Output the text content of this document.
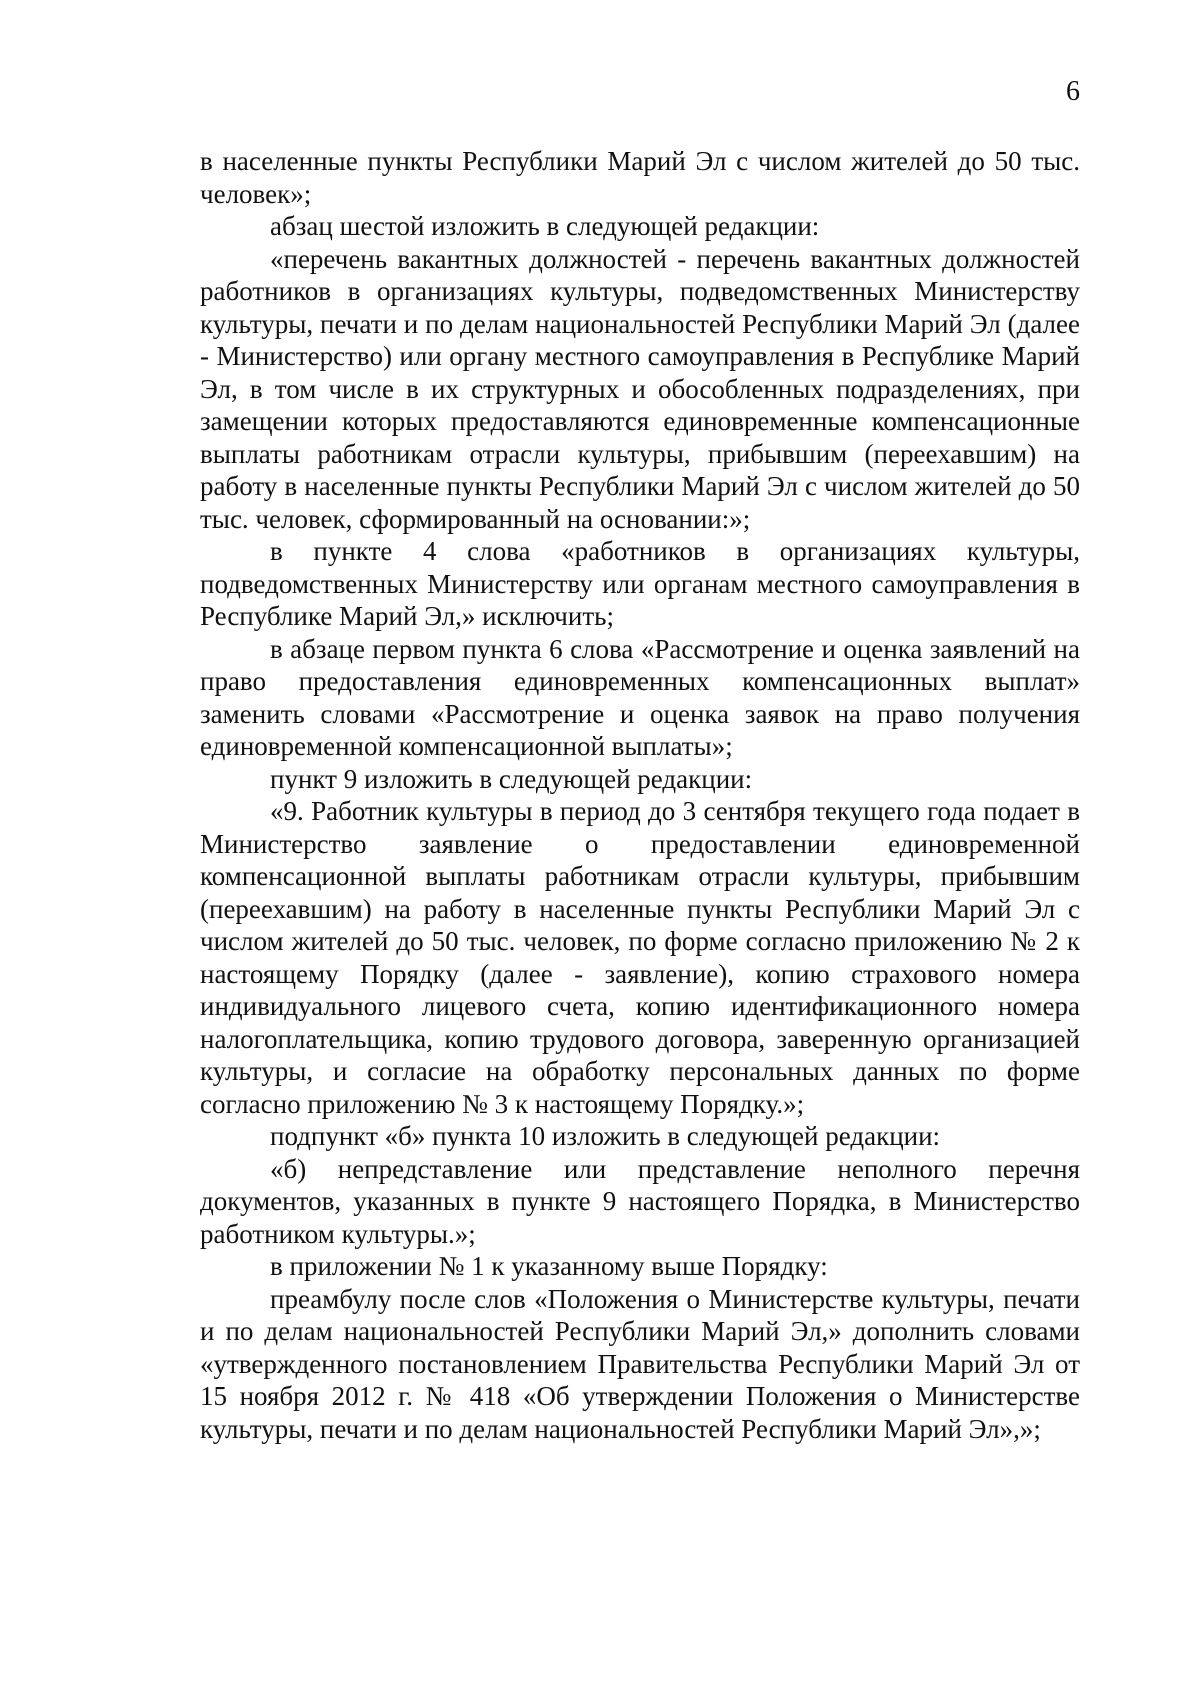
6

в населенные пункты Республики Марий Эл с числом жителей до 50 тыс. человек»;

абзац шестой изложить в следующей редакции:

«перечень вакантных должностей - перечень вакантных должностей работников в организациях культуры, подведомственных Министерству культуры, печати и по делам национальностей Республики Марий Эл (далее - Министерство) или органу местного самоуправления в Республике Марий Эл, в том числе в их структурных и обособленных подразделениях, при замещении которых предоставляются единовременные компенсационные выплаты работникам отрасли культуры, прибывшим (переехавшим) на работу в населенные пункты Республики Марий Эл с числом жителей до 50 тыс. человек, сформированный на основании:»;

в пункте 4 слова «работников в организациях культуры, подведомственных Министерству или органам местного самоуправления в Республике Марий Эл,» исключить;

в абзаце первом пункта 6 слова «Рассмотрение и оценка заявлений на право предоставления единовременных компенсационных выплат» заменить словами «Рассмотрение и оценка заявок на право получения единовременной компенсационной выплаты»;

пункт 9 изложить в следующей редакции:

«9. Работник культуры в период до 3 сентября текущего года подает в Министерство заявление о предоставлении единовременной компенсационной выплаты работникам отрасли культуры, прибывшим (переехавшим) на работу в населенные пункты Республики Марий Эл с числом жителей до 50 тыс. человек, по форме согласно приложению № 2 к настоящему Порядку (далее - заявление), копию страхового номера индивидуального лицевого счета, копию идентификационного номера налогоплательщика, копию трудового договора, заверенную организацией культуры, и согласие на обработку персональных данных по форме согласно приложению № 3 к настоящему Порядку.»;

подпункт «б» пункта 10 изложить в следующей редакции:

«б) непредставление или представление неполного перечня документов, указанных в пункте 9 настоящего Порядка, в Министерство работником культуры.»;

в приложении № 1 к указанному выше Порядку:

преамбулу после слов «Положения о Министерстве культуры, печати и по делам национальностей Республики Марий Эл,» дополнить словами «утвержденного постановлением Правительства Республики Марий Эл от 15 ноября 2012 г. № 418 «Об утверждении Положения о Министерстве культуры, печати и по делам национальностей Республики Марий Эл»,»;
